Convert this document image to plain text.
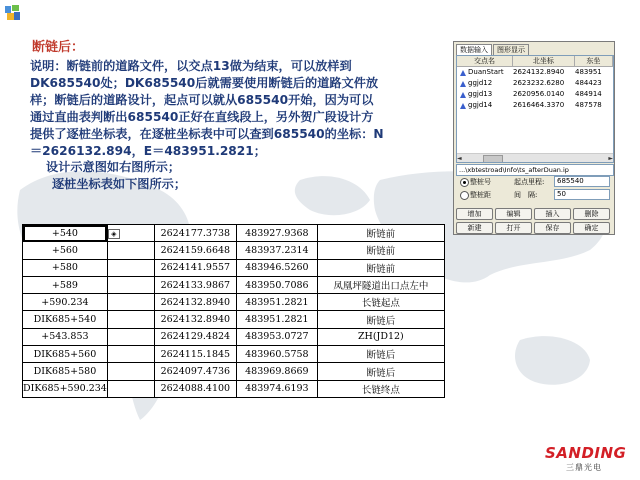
断链后：
说明：断链前的道路文件，以交点13做为结束，可以放样到
DK685540处；DK685540后就需要使用断链后的道路文件放
样；断链后的道路设计，起点可以就从685540开始，因为可以
通过直曲表判断出685540正好在直线段上，另外贺广段设计方
提供了逐桩坐标表，在逐桩坐标表中可以查到685540的坐标：N
＝2626132.894，E＝483951.2821；
设计示意图如右图所示；
逐桩坐标表如下图所示；
数据输入	图形显示
交点名	北坐标	东坐
DuanStart 2624132.8940	483951
ggjd12	2623232.6280	484423
ggjd13	2620956.0140	484914
ggjd14	2616464.3370	487578
◄	►
...\xbtestroad\Info\ts_afterDuan.ip
整桩号
整桩距
起点里程:	685540
间　隔:	50
增加	编辑	插入	删除
新建	打开	保存	确定
+540	◈	2624177.3738	483927.9368	断链前
+560		2624159.6648	483937.2314	断链前
+580		2624141.9557	483946.5260	断链前
+589		2624133.9867	483950.7086	凤凰坪隧道出口点左中
+590.234		2624132.8940	483951.2821	长链起点
DIK685+540		2624132.8940	483951.2821	断链后
+543.853		2624129.4824	483953.0727	ZH(JD12)
DIK685+560		2624115.1845	483960.5758	断链后
DIK685+580		2624097.4736	483969.8669	断链后
DIK685+590.234		2624088.4100	483974.6193	长链终点
SANDING
三鼎光电
